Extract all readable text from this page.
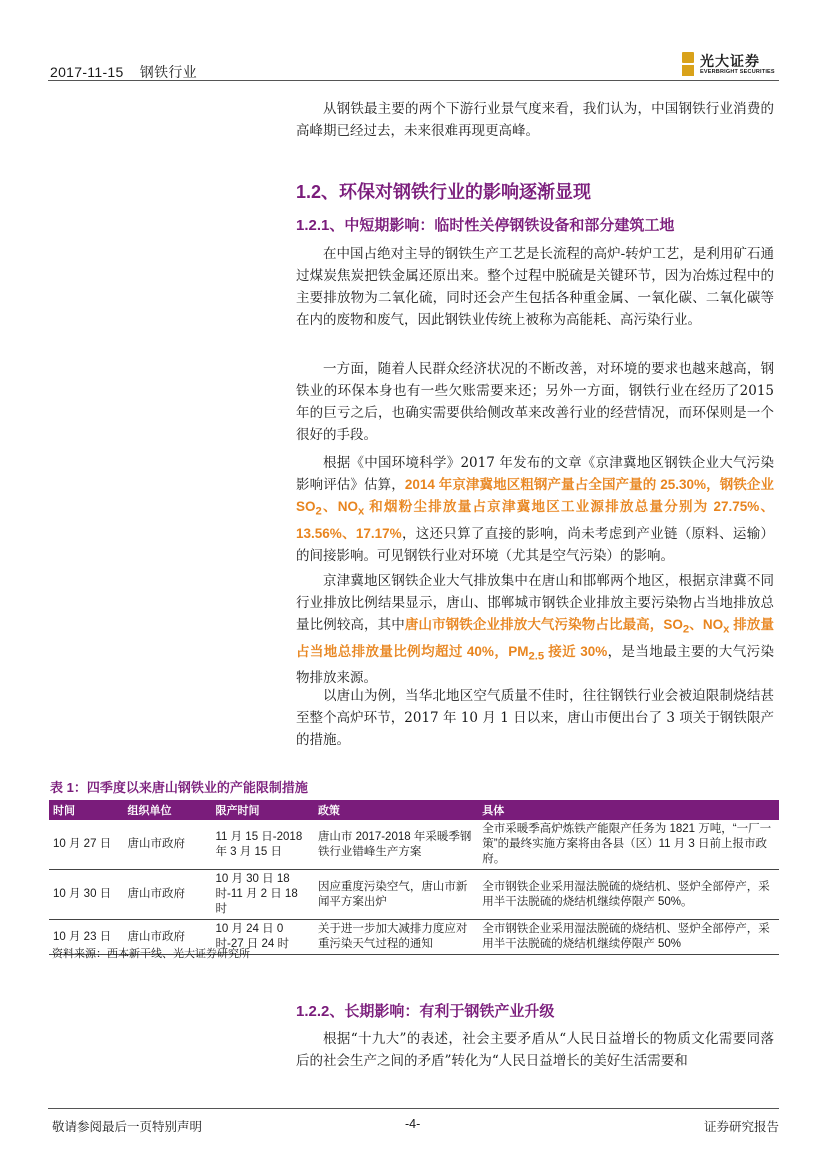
2017-11-15 钢铁行业
光大证券
EVERBRIGHT SECURITIES

从钢铁最主要的两个下游行业景气度来看，我们认为，中国钢铁行业消费的高峰期已经过去，未来很难再现更高峰。

1.2、环保对钢铁行业的影响逐渐显现
1.2.1、中短期影响：临时性关停钢铁设备和部分建筑工地

在中国占绝对主导的钢铁生产工艺是长流程的高炉-转炉工艺，是利用矿石通过煤炭焦炭把铁金属还原出来。整个过程中脱硫是关键环节，因为冶炼过程中的主要排放物为二氧化硫，同时还会产生包括各种重金属、一氧化碳、二氧化碳等在内的废物和废气，因此钢铁业传统上被称为高能耗、高污染行业。

一方面，随着人民群众经济状况的不断改善，对环境的要求也越来越高，钢铁业的环保本身也有一些欠账需要来还；另外一方面，钢铁行业在经历了2015 年的巨亏之后，也确实需要供给侧改革来改善行业的经营情况，而环保则是一个很好的手段。

根据《中国环境科学》2017 年发布的文章《京津冀地区钢铁企业大气污染影响评估》估算，2014 年京津冀地区粗钢产量占全国产量的 25.30%，钢铁企业 $SO_2$、$NO_x$ 和烟粉尘排放量占京津冀地区工业源排放总量分别为 27.75%、13.56%、17.17%，这还只算了直接的影响，尚未考虑到产业链（原料、运输）的间接影响。可见钢铁行业对环境（尤其是空气污染）的影响。

京津冀地区钢铁企业大气排放集中在唐山和邯郸两个地区，根据京津冀不同行业排放比例结果显示，唐山、邯郸城市钢铁企业排放主要污染物占当地排放总量比例较高，其中唐山市钢铁企业排放大气污染物占比最高，$SO_2$、$NO_x$ 排放量占当地总排放量比例均超过 40%，$PM_{2.5}$ 接近 30%，是当地最主要的大气污染物排放来源。

以唐山为例，当华北地区空气质量不佳时，往往钢铁行业会被迫限制烧结甚至整个高炉环节，2017 年 10 月 1 日以来，唐山市便出台了 3 项关于钢铁限产的措施。

表 1：四季度以来唐山钢铁业的产能限制措施
时间	组织单位	限产时间	政策	具体
10 月 27 日	唐山市政府	11 月 15 日-2018 年 3 月 15 日	唐山市 2017-2018 年采暖季钢铁行业错峰生产方案	全市采暖季高炉炼铁产能限产任务为 1821 万吨，“一厂一策”的最终实施方案将由各县（区）11 月 3 日前上报市政府。
10 月 30 日	唐山市政府	10 月 30 日 18 时-11 月 2 日 18 时	因应重度污染空气，唐山市新闻平方案出炉	全市钢铁企业采用湿法脱硫的烧结机、竖炉全部停产，采用半干法脱硫的烧结机继续停限产 50%。
10 月 23 日	唐山市政府	10 月 24 日 0 时-27 日 24 时	关于进一步加大减排力度应对重污染天气过程的通知	全市钢铁企业采用湿法脱硫的烧结机、竖炉全部停产，采用半干法脱硫的烧结机继续停限产 50%
资料来源：西本新干线、光大证券研究所
1.2.2、长期影响：有利于钢铁产业升级

根据“十九大”的表述，社会主要矛盾从“人民日益增长的物质文化需要同落后的社会生产之间的矛盾”转化为“人民日益增长的美好生活需要和

敬请参阅最后一页特别声明	-4-	证券研究报告
